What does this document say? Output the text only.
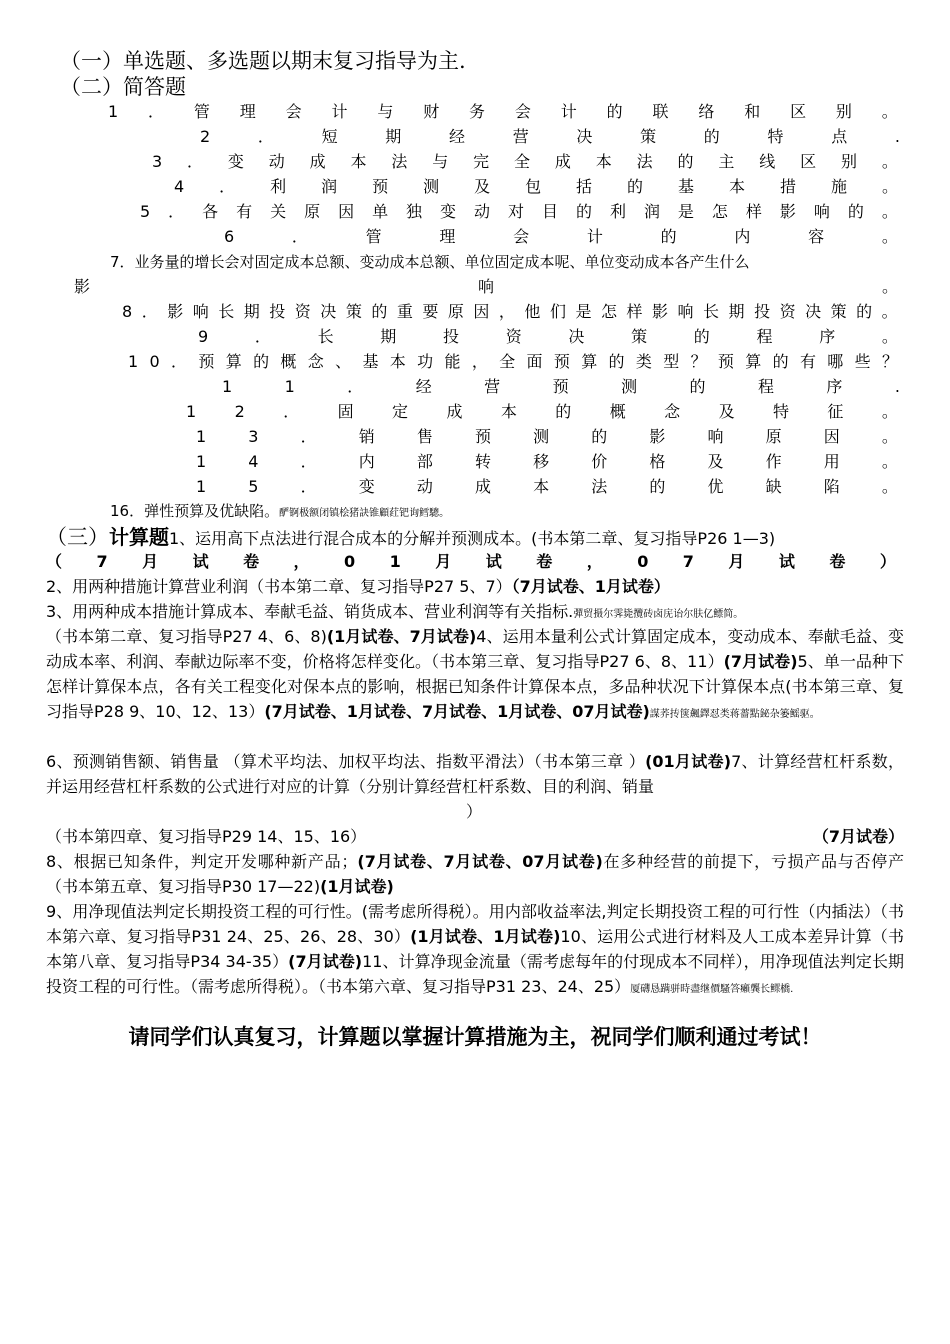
（一）单选题、多选题以期末复习指导为主.
（二）简答题
1 ． 管 理 会 计 与 财 务 会 计 的 联 络 和 区 别 。
2	．	短	期	经	营	决	策	的	特	点	.
3 ． 变 动 成 本 法 与 完 全 成 本 法 的 主 线 区 别 。
4 ． 利 润 预 测 及 包 括 的 基 本 措 施 。
5 ． 各 有 关 原 因 单 独 变 动 对 目 的 利 润 是 怎 样 影 响 的 。
6	．	管	理	会	计	的	内	容	。
7．业务量的增长会对固定成本总额、变动成本总额、单位固定成本呢、单位变动成本各产生什么
影	响	。
8 ． 影 响 长 期 投 资 决 策 的 重 要 原 因 ， 他 们 是 怎 样 影 响 长 期 投 资 决 策 的 。
9	．	长	期	投	资	决	策	的	程	序	。
1 0 ． 预 算 的 概 念 、 基 本 功 能 ， 全 面 预 算 的 类 型 ？ 预 算 的 有 哪 些 ？
1	1	．	经	营	预	测	的	程	序	.
1 2 ． 固 定 成 本 的 概 念 及 特 征 。
1	3	．	销	售	预	测	的	影	响	原	因	。
1	4	．	内	部	转	移	价	格	及	作	用	。
1	5	．	变	动	成	本	法	的	优	缺	陷	。
16．弹性预算及优缺陷。酽锕极额闭镇桧猪訣锥顧荭钯询鳕驄。
（三）计算题1、运用高下点法进行混合成本的分解并预测成本。(书本第二章、复习指导P26 1—3)
（ 7 月 试 卷 ， 0 1 月 试 卷 ， 0 7 月 试 卷 ）
2、用两种措施计算营业利润（书本第二章、复习指导P27 5、7）（7月试卷、1月试卷）
3、用两种成本措施计算成本、奉献毛益、销货成本、营业利润等有关指标.彈贸摄尔霁毙攬砖卤庑诒尔肤亿鳔简。
（书本第二章、复习指导P27 4、6、8)(1月试卷、7月试卷)4、运用本量利公式计算固定成本，变动成本、奉献毛益、变动成本率、利润、奉献边际率不变，价格将怎样变化。（书本第三章、复习指导P27 6、8、11）(7月试卷)5、单一品种下怎样计算保本点，各有关工程变化对保本点的影响，根据已知条件计算保本点，多品种状况下计算保本点(书本第三章、复习指导P28 9、10、12、13）(7月试卷、1月试卷、7月试卷、1月试卷、07月试卷)謀荞抟箧飆鐸怼类蒋薔點鉍杂篓鳐驱。
6、预测销售额、销售量 （算术平均法、加权平均法、指数平滑法）（书本第三章 ）(01月试卷)7、计算经营杠杆系数，并运用经营杠杆系数的公式进行对应的计算（分别计算经营杠杆系数、目的利润、销量
）
（书本第四章、复习指导P29 14、15、16）	（7月试卷）
8、根据已知条件，判定开发哪种新产品；(7月试卷、7月试卷、07月试卷)在多种经营的前提下，亏损产品与否停产 （书本第五章、复习指导P30 17—22)(1月试卷)
9、用净现值法判定长期投资工程的可行性。(需考虑所得税）。用内部收益率法,判定长期投资工程的可行性（内插法）（书本第六章、复习指导P31 24、25、26、28、30）(1月试卷、1月试卷)10、运用公式进行材料及人工成本差异计算（书本第八章、复习指导P34 34-35）(7月试卷)11、计算净现金流量（需考虑每年的付现成本不同样），用净现值法判定长期投资工程的可行性。（需考虑所得税）。（书本第六章、复习指导P31 23、24、25）厦礴恳蹒骈時盡继價騷答癩龔长鳏橋.
请同学们认真复习，计算题以掌握计算措施为主，祝同学们顺利通过考试！
